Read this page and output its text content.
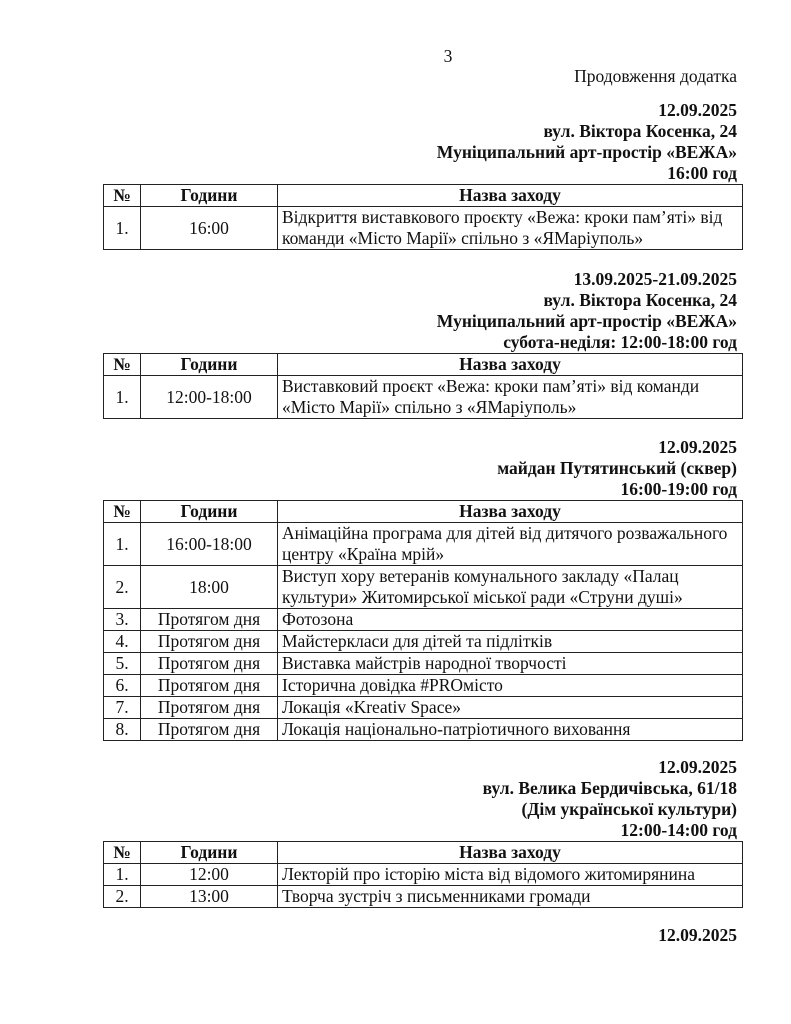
3
Продовження додатка
12.09.2025
вул. Віктора Косенка, 24
Муніципальний арт-простір «ВЕЖА»
16:00 год
№	Години	Назва заходу
1.	16:00	Відкриття виставкового проєкту «Вежа: кроки пам’яті» від команди «Місто Марії» спільно з «ЯМаріуполь»
13.09.2025-21.09.2025
вул. Віктора Косенка, 24
Муніципальний арт-простір «ВЕЖА»
субота-неділя: 12:00-18:00 год
№	Години	Назва заходу
1.	12:00-18:00	Виставковий проєкт «Вежа: кроки пам’яті» від команди «Місто Марії» спільно з «ЯМаріуполь»
12.09.2025
майдан Путятинський (сквер)
16:00-19:00 год
№	Години	Назва заходу
1.	16:00-18:00	Анімаційна програма для дітей від дитячого розважального центру «Країна мрій»
2.	18:00	Виступ хору ветеранів комунального закладу «Палац культури» Житомирської міської ради «Струни душі»
3.	Протягом дня	Фотозона
4.	Протягом дня	Майстеркласи для дітей та підлітків
5.	Протягом дня	Виставка майстрів народної творчості
6.	Протягом дня	Історична довідка #PROмісто
7.	Протягом дня	Локація «Kreativ Space»
8.	Протягом дня	Локація національно-патріотичного виховання
12.09.2025
вул. Велика Бердичівська, 61/18
(Дім української культури)
12:00-14:00 год
№	Години	Назва заходу
1.	12:00	Лекторій про історію міста від відомого житомирянина
2.	13:00	Творча зустріч з письменниками громади
12.09.2025
